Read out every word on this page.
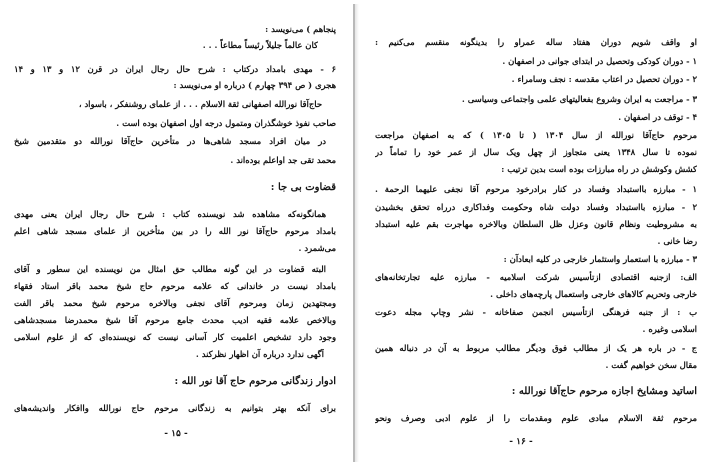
پنجاهم ) می‌نویسد :
کان عالماً جلیلاً رئیساً مطاعاً . . .
۶ - مهدی بامداد درکتاب : شرح حال رجال ایران در قرن ۱۲ و ۱۳ و ۱۴
هجری ( ص ۳۹۴ چهارم ) درباره او می‌نویسد :
حاج‌آقا نورالله اصفهانی ثقة الاسلام . . . از علمای روشنفکر ، باسواد ،
صاحب نفوذ خوشگذران ومتمول درجه اول اصفهان بوده است .
در میان افراد مسجد شاهی‌ها در متأخرین حاج‌آقا نورالله دو متقدمین شیخ
محمد تقی جد اواعلم بوده‌اند .
قضاوت بی جا :
همانگونه‌که مشاهده شد نویسنده کتاب : شرح حال رجال ایران یعنی مهدی
بامداد مرحوم حاج‌آقا نور الله را در بین متأخرین از علمای مسجد شاهی اعلم
می‌شمرد .
البته قضاوت در این گونه مطالب حق امثال من نویسنده این سطور و آقای
بامداد نیست در خاندانی که علامه مرحوم حاج شیخ محمد باقر استاد فقهاء
ومجتهدین زمان ومرحوم آقای نجفی وبالاخره مرحوم شیخ محمد باقر الفت
وبالاخص علامه فقیه ادیب محدث جامع مرحوم آقا شیخ محمدرضا مسجدشاهی
وجود دارد تشخیص اعلمیت کار آسانی نیست که نویسنده‌ای که از علوم اسلامی
آگهی ندارد درباره آن اظهار نظرکند .
ادوار زندگانی مرحوم حاج آقا نور الله :
برای آنکه بهتر بتوانیم به زندگانی مرحوم حاج نورالله واافکار واندیشه‌های
- ۱۵ -
او واقف شویم دوران هفتاد ساله عمراو را بدینگونه منقسم می‌کنیم :
۱ - دوران کودکی وتحصیل در ابتدای جوانی در اصفهان .
۲ - دوران تحصیل در اعتاب مقدسه : نجف وسامراء .
۳ - مراجعت به ایران وشروع بفعالیتهای علمی واجتماعی وسیاسی .
۴ - توقف در اصفهان .
مرحوم حاج‌آقا نورالله از سال ۱۳۰۴ ( تا ۱۳۰۵ ) که به اصفهان مراجعت
نموده تا سال ۱۳۴۸ یعنی متجاوز از چهل ویک سال از عمر خود را تماماً در
کشش وکوشش در راه مبارزات بوده است بدین ترتیب :
۱ - مبارزه بااستبداد وفساد در کنار برادرخود مرحوم آقا نجفی علیهما الرحمة .
۲ - مبارزه بااستبداد وفساد دولت شاه وحکومت وفداکاری درراه تحقق بخشیدن
به مشروطیت ونظام قانون وعزل ظل السلطان وبالاخره مهاجرت بقم علیه استبداد
رضا خانی .
۳ - مبارزه با استعمار واستثمار خارجی در کلیه ابعادآن :
الف: ازجنبه اقتصادی ازتأسیس شرکت اسلامیه - مبارزه علیه تجارتخانه‌های
خارجی وتحریم کالاهای خارجی واستعمال پارچه‌های داخلی .
ب : از جنبه فرهنگی ازتأسیس انجمن صفاخانه - نشر وچاپ مجله دعوت
اسلامی وغیره .
ج - در باره هر یک از مطالب فوق ودیگر مطالب مربوط به آن در دنباله همین
مقال سخن خواهیم گفت .
اساتید ومشایخ اجازه مرحوم حاج‌آقا نورالله :
مرحوم ثقة الاسلام مبادی علوم ومقدمات را از علوم ادبی وصرف ونحو
- ۱۶ -
